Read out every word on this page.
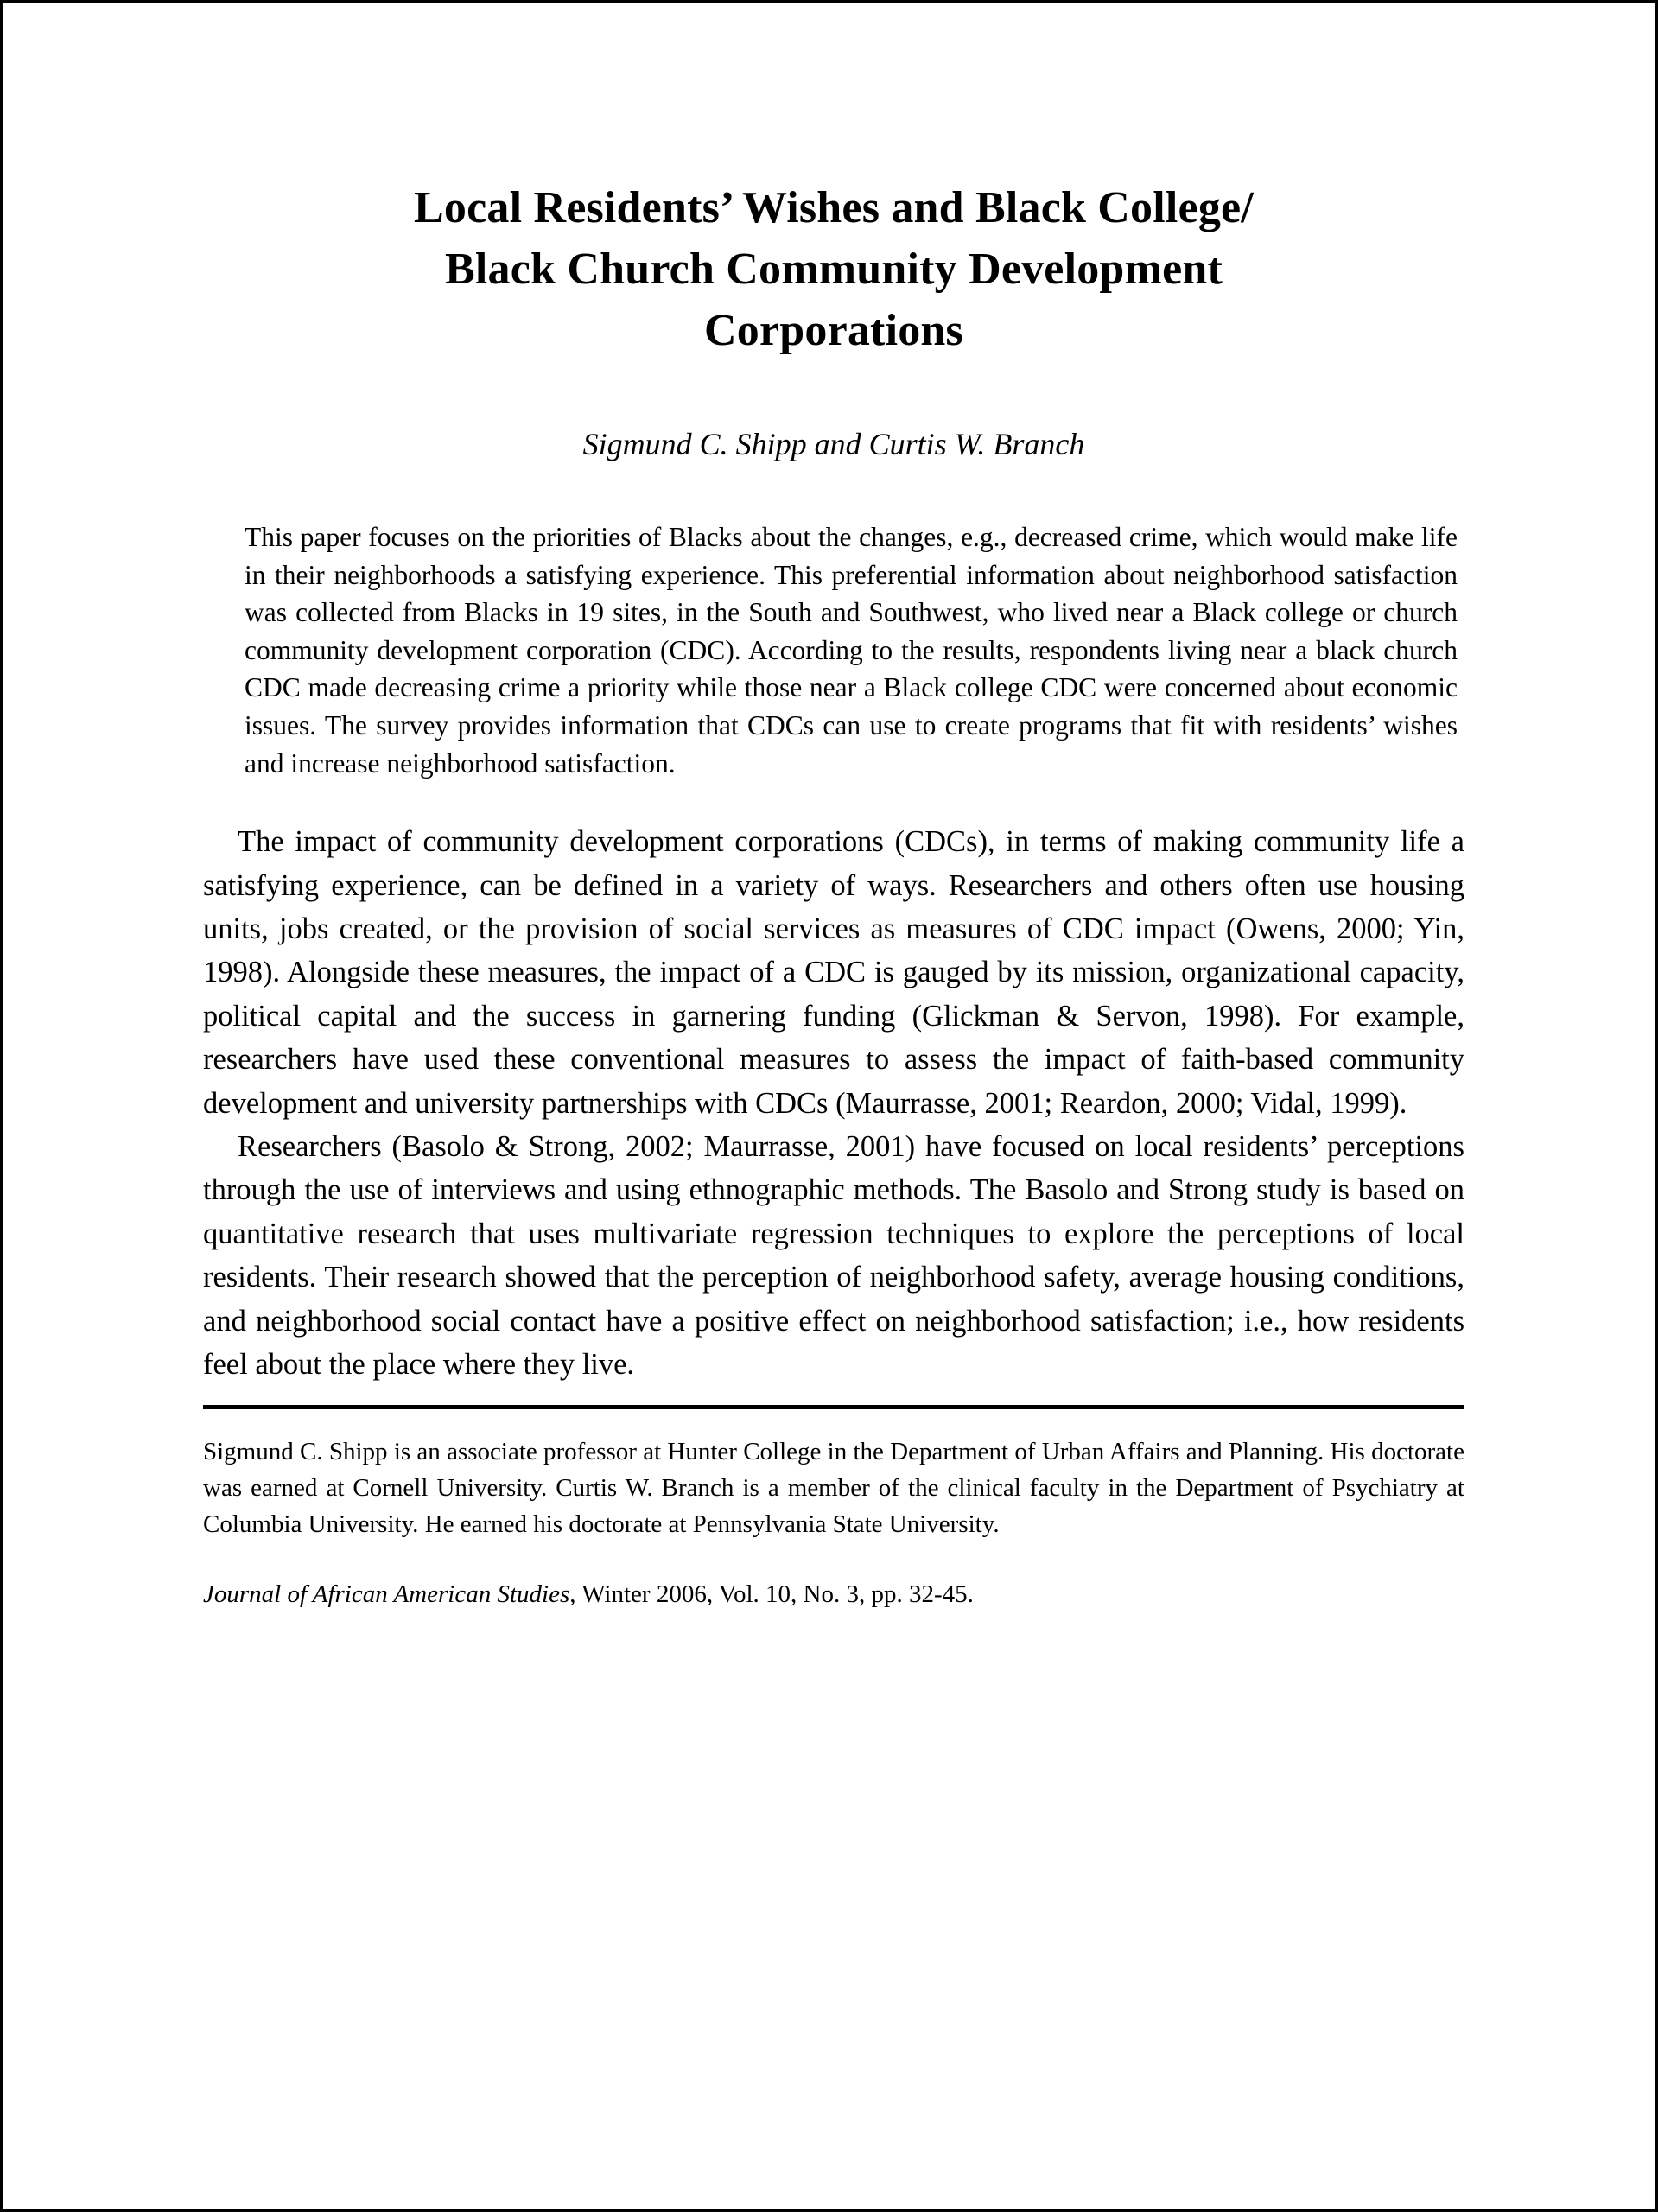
Local Residents’ Wishes and Black College/
Black Church Community Development
Corporations
Sigmund C. Shipp and Curtis W. Branch
This paper focuses on the priorities of Blacks about the changes, e.g., decreased crime, which would make life in their neighborhoods a satisfying experience. This preferential information about neighborhood satisfaction was collected from Blacks in 19 sites, in the South and Southwest, who lived near a Black college or church community development corporation (CDC). According to the results, respondents living near a black church CDC made decreasing crime a priority while those near a Black college CDC were concerned about economic issues. The survey provides information that CDCs can use to create programs that fit with residents’ wishes and increase neighborhood satisfaction.

The impact of community development corporations (CDCs), in terms of making community life a satisfying experience, can be defined in a variety of ways. Researchers and others often use housing units, jobs created, or the provision of social services as measures of CDC impact (Owens, 2000; Yin, 1998). Alongside these measures, the impact of a CDC is gauged by its mission, organizational capacity, political capital and the success in garnering funding (Glickman & Servon, 1998). For example, researchers have used these conventional measures to assess the impact of faith-based community development and university partnerships with CDCs (Maurrasse, 2001; Reardon, 2000; Vidal, 1999).

Researchers (Basolo & Strong, 2002; Maurrasse, 2001) have focused on local residents’ perceptions through the use of interviews and using ethnographic methods. The Basolo and Strong study is based on quantitative research that uses multivariate regression techniques to explore the perceptions of local residents. Their research showed that the perception of neighborhood safety, average housing conditions, and neighborhood social contact have a positive effect on neighborhood satisfaction; i.e., how residents feel about the place where they live.

Sigmund C. Shipp is an associate professor at Hunter College in the Department of Urban Affairs and Planning. His doctorate was earned at Cornell University. Curtis W. Branch is a member of the clinical faculty in the Department of Psychiatry at Columbia University. He earned his doctorate at Pennsylvania State University.

Journal of African American Studies, Winter 2006, Vol. 10, No. 3, pp. 32-45.
